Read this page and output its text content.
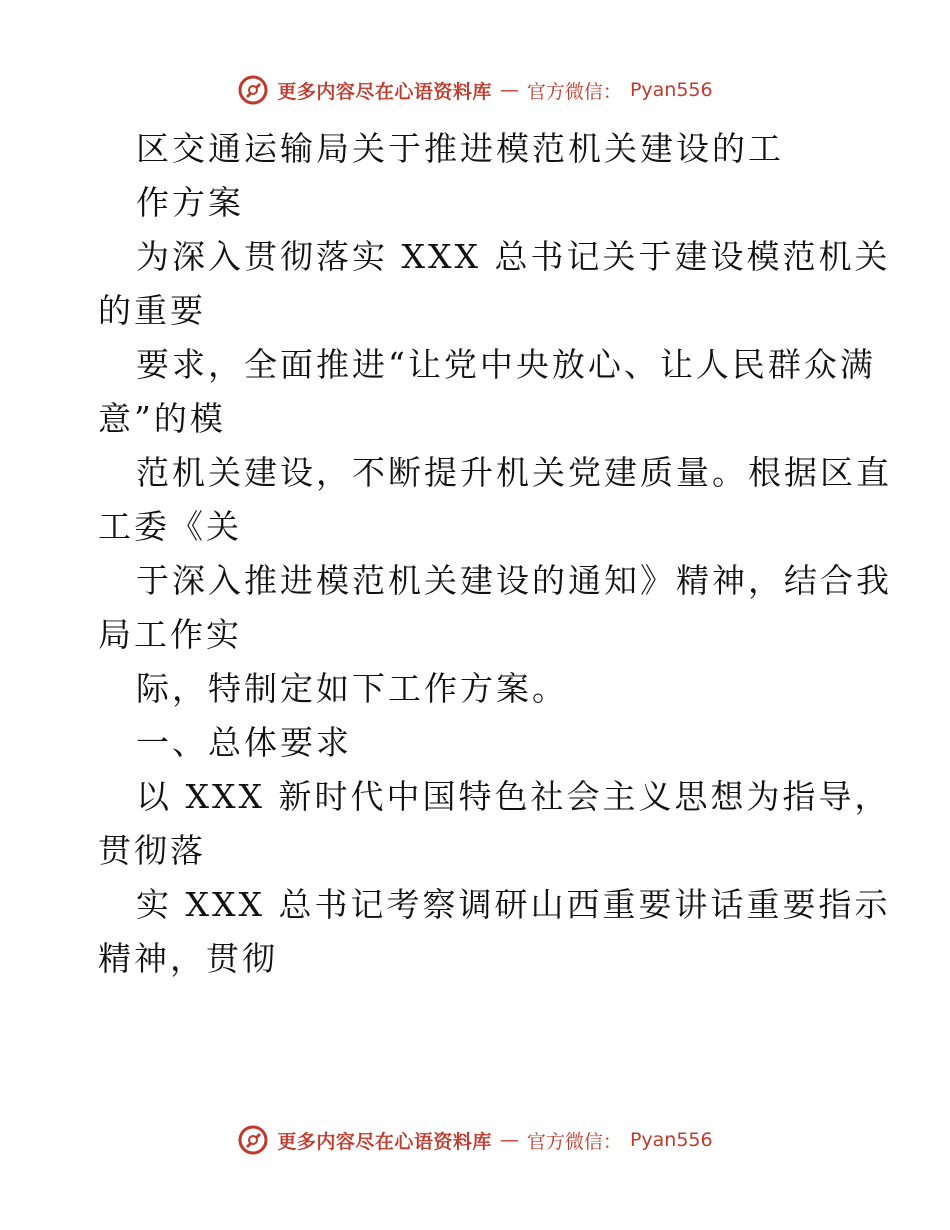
更多内容尽在心语资料库 — 官方微信： Pyan556
区交通运输局关于推进模范机关建设的工
作方案
为深入贯彻落实 XXX 总书记关于建设模范机关
的重要
要求，全面推进“让党中央放心、让人民群众满
意”的模
范机关建设，不断提升机关党建质量。根据区直
工委《关
于深入推进模范机关建设的通知》精神，结合我
局工作实
际，特制定如下工作方案。
一、总体要求
以 XXX 新时代中国特色社会主义思想为指导，
贯彻落
实 XXX 总书记考察调研山西重要讲话重要指示
精神，贯彻
更多内容尽在心语资料库 — 官方微信： Pyan556
